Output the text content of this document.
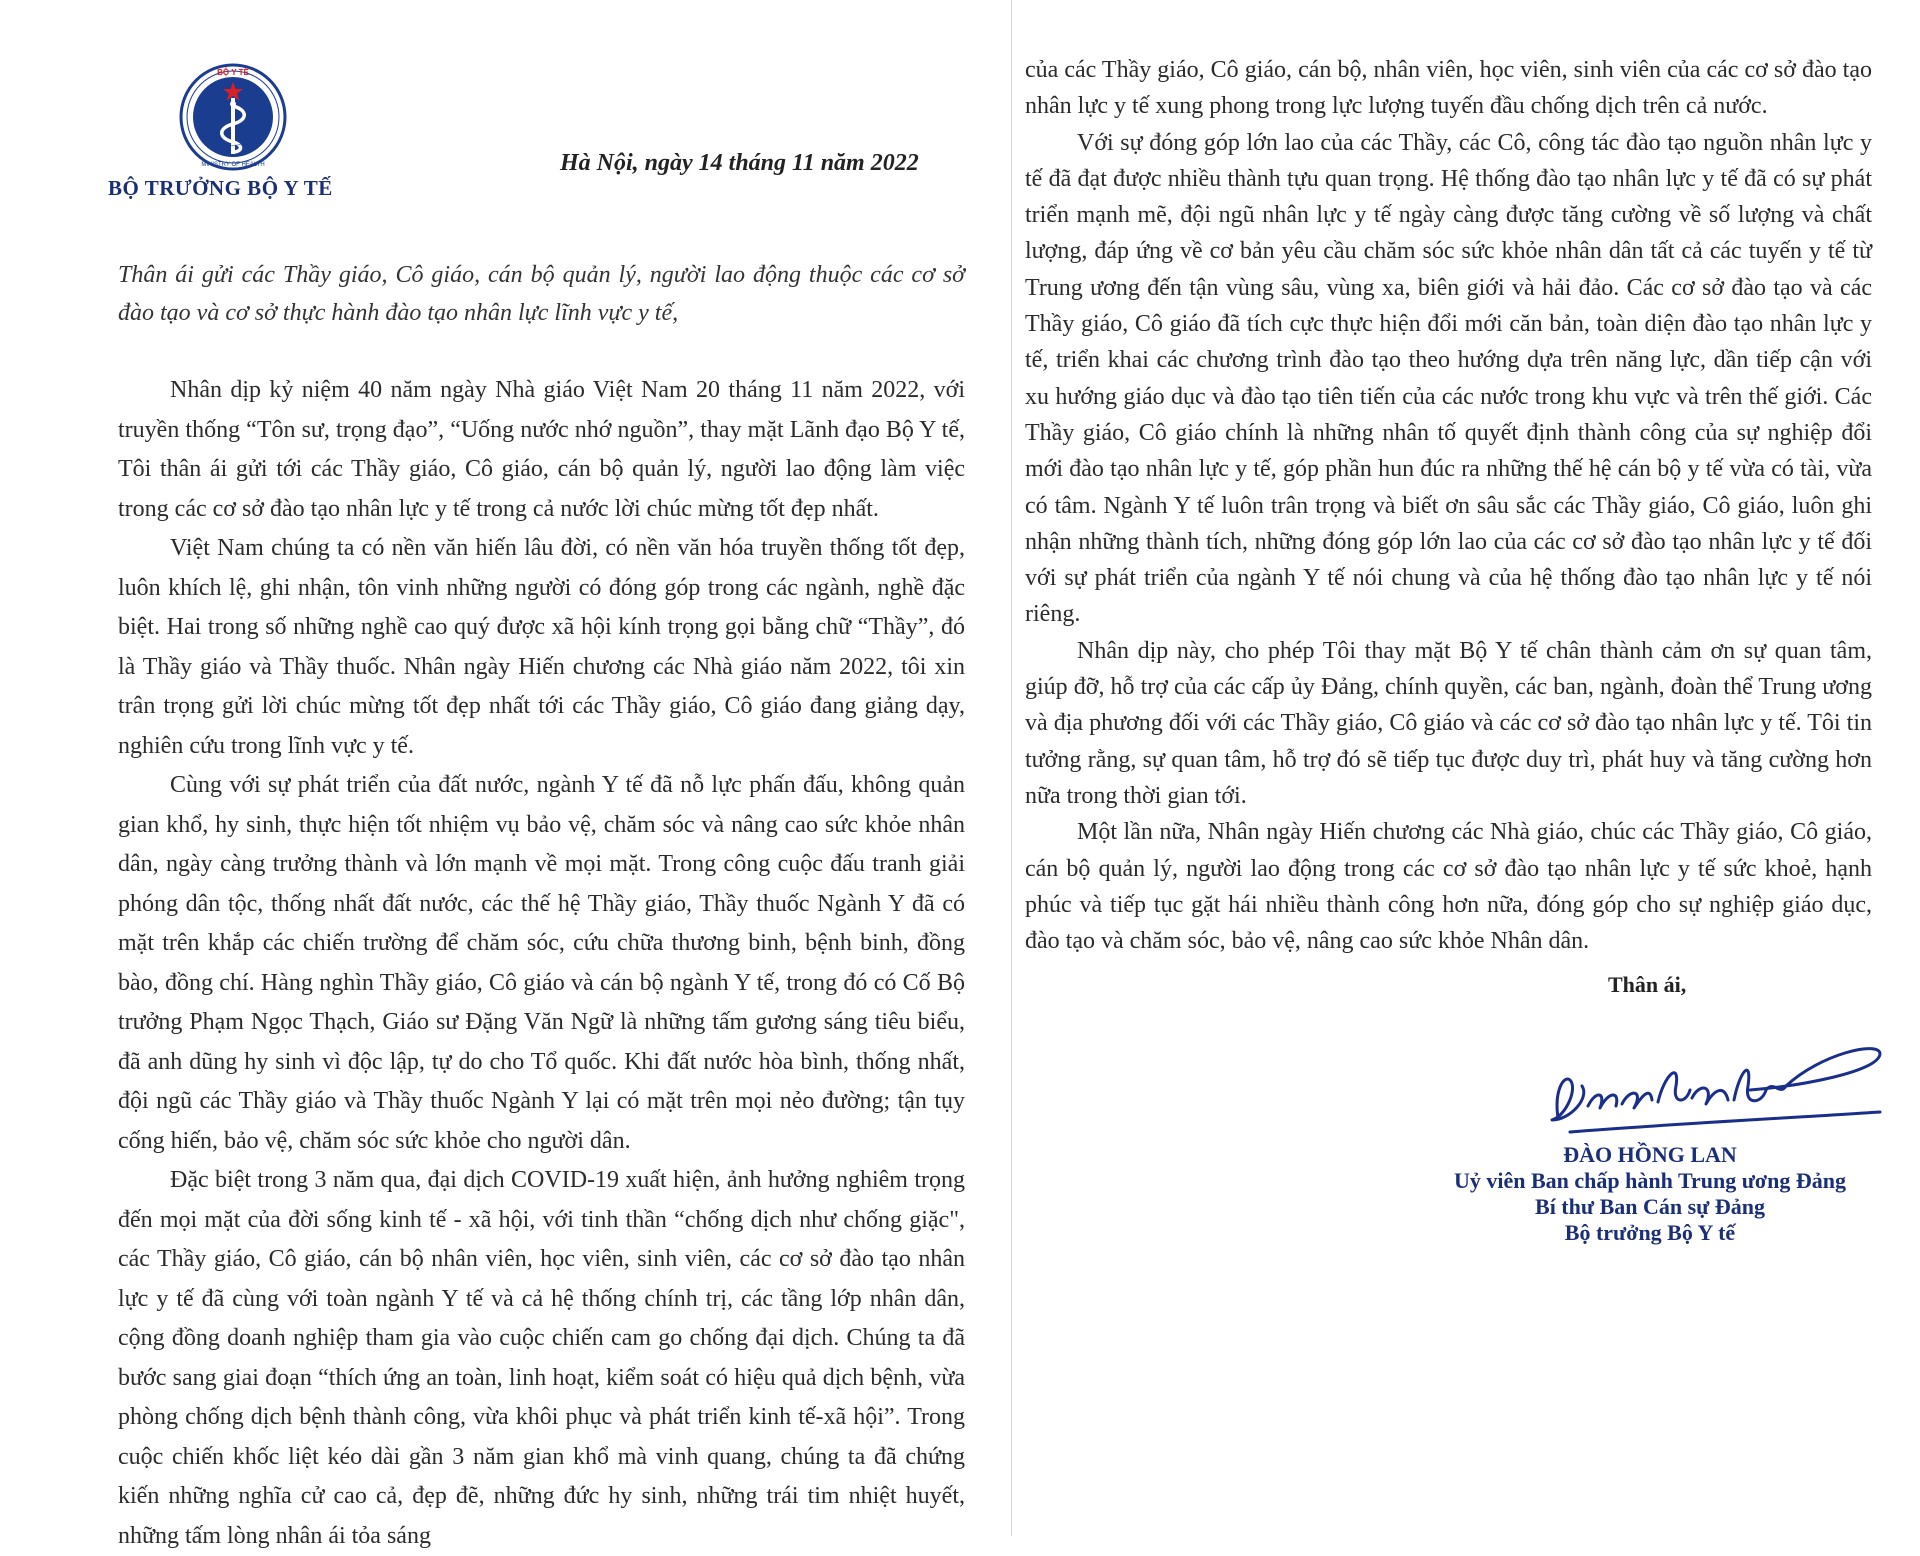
BỘ Y TẾ
MINISTRY OF HEALTH
BỘ TRƯỞNG BỘ Y TẾ
Hà Nội, ngày 14 tháng 11 năm 2022
Thân ái gửi các Thầy giáo, Cô giáo, cán bộ quản lý, người lao động thuộc các cơ sở đào tạo và cơ sở thực hành đào tạo nhân lực lĩnh vực y tế,

Nhân dịp kỷ niệm 40 năm ngày Nhà giáo Việt Nam 20 tháng 11 năm 2022, với truyền thống “Tôn sư, trọng đạo”, “Uống nước nhớ nguồn”, thay mặt Lãnh đạo Bộ Y tế, Tôi thân ái gửi tới các Thầy giáo, Cô giáo, cán bộ quản lý, người lao động làm việc trong các cơ sở đào tạo nhân lực y tế trong cả nước lời chúc mừng tốt đẹp nhất.

Việt Nam chúng ta có nền văn hiến lâu đời, có nền văn hóa truyền thống tốt đẹp, luôn khích lệ, ghi nhận, tôn vinh những người có đóng góp trong các ngành, nghề đặc biệt. Hai trong số những nghề cao quý được xã hội kính trọng gọi bằng chữ “Thầy”, đó là Thầy giáo và Thầy thuốc. Nhân ngày Hiến chương các Nhà giáo năm 2022, tôi xin trân trọng gửi lời chúc mừng tốt đẹp nhất tới các Thầy giáo, Cô giáo đang giảng dạy, nghiên cứu trong lĩnh vực y tế.

Cùng với sự phát triển của đất nước, ngành Y tế đã nỗ lực phấn đấu, không quản gian khổ, hy sinh, thực hiện tốt nhiệm vụ bảo vệ, chăm sóc và nâng cao sức khỏe nhân dân, ngày càng trưởng thành và lớn mạnh về mọi mặt. Trong công cuộc đấu tranh giải phóng dân tộc, thống nhất đất nước, các thế hệ Thầy giáo, Thầy thuốc Ngành Y đã có mặt trên khắp các chiến trường để chăm sóc, cứu chữa thương binh, bệnh binh, đồng bào, đồng chí. Hàng nghìn Thầy giáo, Cô giáo và cán bộ ngành Y tế, trong đó có Cố Bộ trưởng Phạm Ngọc Thạch, Giáo sư Đặng Văn Ngữ là những tấm gương sáng tiêu biểu, đã anh dũng hy sinh vì độc lập, tự do cho Tổ quốc. Khi đất nước hòa bình, thống nhất, đội ngũ các Thầy giáo và Thầy thuốc Ngành Y lại có mặt trên mọi nẻo đường; tận tụy cống hiến, bảo vệ, chăm sóc sức khỏe cho người dân.

Đặc biệt trong 3 năm qua, đại dịch COVID-19 xuất hiện, ảnh hưởng nghiêm trọng đến mọi mặt của đời sống kinh tế - xã hội, với tinh thần “chống dịch như chống giặc", các Thầy giáo, Cô giáo, cán bộ nhân viên, học viên, sinh viên, các cơ sở đào tạo nhân lực y tế đã cùng với toàn ngành Y tế và cả hệ thống chính trị, các tầng lớp nhân dân, cộng đồng doanh nghiệp tham gia vào cuộc chiến cam go chống đại dịch. Chúng ta đã bước sang giai đoạn “thích ứng an toàn, linh hoạt, kiểm soát có hiệu quả dịch bệnh, vừa phòng chống dịch bệnh thành công, vừa khôi phục và phát triển kinh tế-xã hội”. Trong cuộc chiến khốc liệt kéo dài gần 3 năm gian khổ mà vinh quang, chúng ta đã chứng kiến những nghĩa cử cao cả, đẹp đẽ, những đức hy sinh, những trái tim nhiệt huyết, những tấm lòng nhân ái tỏa sáng

của các Thầy giáo, Cô giáo, cán bộ, nhân viên, học viên, sinh viên của các cơ sở đào tạo nhân lực y tế xung phong trong lực lượng tuyến đầu chống dịch trên cả nước.

Với sự đóng góp lớn lao của các Thầy, các Cô, công tác đào tạo nguồn nhân lực y tế đã đạt được nhiều thành tựu quan trọng. Hệ thống đào tạo nhân lực y tế đã có sự phát triển mạnh mẽ, đội ngũ nhân lực y tế ngày càng được tăng cường về số lượng và chất lượng, đáp ứng về cơ bản yêu cầu chăm sóc sức khỏe nhân dân tất cả các tuyến y tế từ Trung ương đến tận vùng sâu, vùng xa, biên giới và hải đảo. Các cơ sở đào tạo và các Thầy giáo, Cô giáo đã tích cực thực hiện đổi mới căn bản, toàn diện đào tạo nhân lực y tế, triển khai các chương trình đào tạo theo hướng dựa trên năng lực, dần tiếp cận với xu hướng giáo dục và đào tạo tiên tiến của các nước trong khu vực và trên thế giới. Các Thầy giáo, Cô giáo chính là những nhân tố quyết định thành công của sự nghiệp đổi mới đào tạo nhân lực y tế, góp phần hun đúc ra những thế hệ cán bộ y tế vừa có tài, vừa có tâm. Ngành Y tế luôn trân trọng và biết ơn sâu sắc các Thầy giáo, Cô giáo, luôn ghi nhận những thành tích, những đóng góp lớn lao của các cơ sở đào tạo nhân lực y tế đối với sự phát triển của ngành Y tế nói chung và của hệ thống đào tạo nhân lực y tế nói riêng.

Nhân dịp này, cho phép Tôi thay mặt Bộ Y tế chân thành cảm ơn sự quan tâm, giúp đỡ, hỗ trợ của các cấp ủy Đảng, chính quyền, các ban, ngành, đoàn thể Trung ương và địa phương đối với các Thầy giáo, Cô giáo và các cơ sở đào tạo nhân lực y tế. Tôi tin tưởng rằng, sự quan tâm, hỗ trợ đó sẽ tiếp tục được duy trì, phát huy và tăng cường hơn nữa trong thời gian tới.

Một lần nữa, Nhân ngày Hiến chương các Nhà giáo, chúc các Thầy giáo, Cô giáo, cán bộ quản lý, người lao động trong các cơ sở đào tạo nhân lực y tế sức khoẻ, hạnh phúc và tiếp tục gặt hái nhiều thành công hơn nữa, đóng góp cho sự nghiệp giáo dục, đào tạo và chăm sóc, bảo vệ, nâng cao sức khỏe Nhân dân.

Thân ái,
ĐÀO HỒNG LAN
Uỷ viên Ban chấp hành Trung ương Đảng
Bí thư Ban Cán sự Đảng
Bộ trưởng Bộ Y tế
